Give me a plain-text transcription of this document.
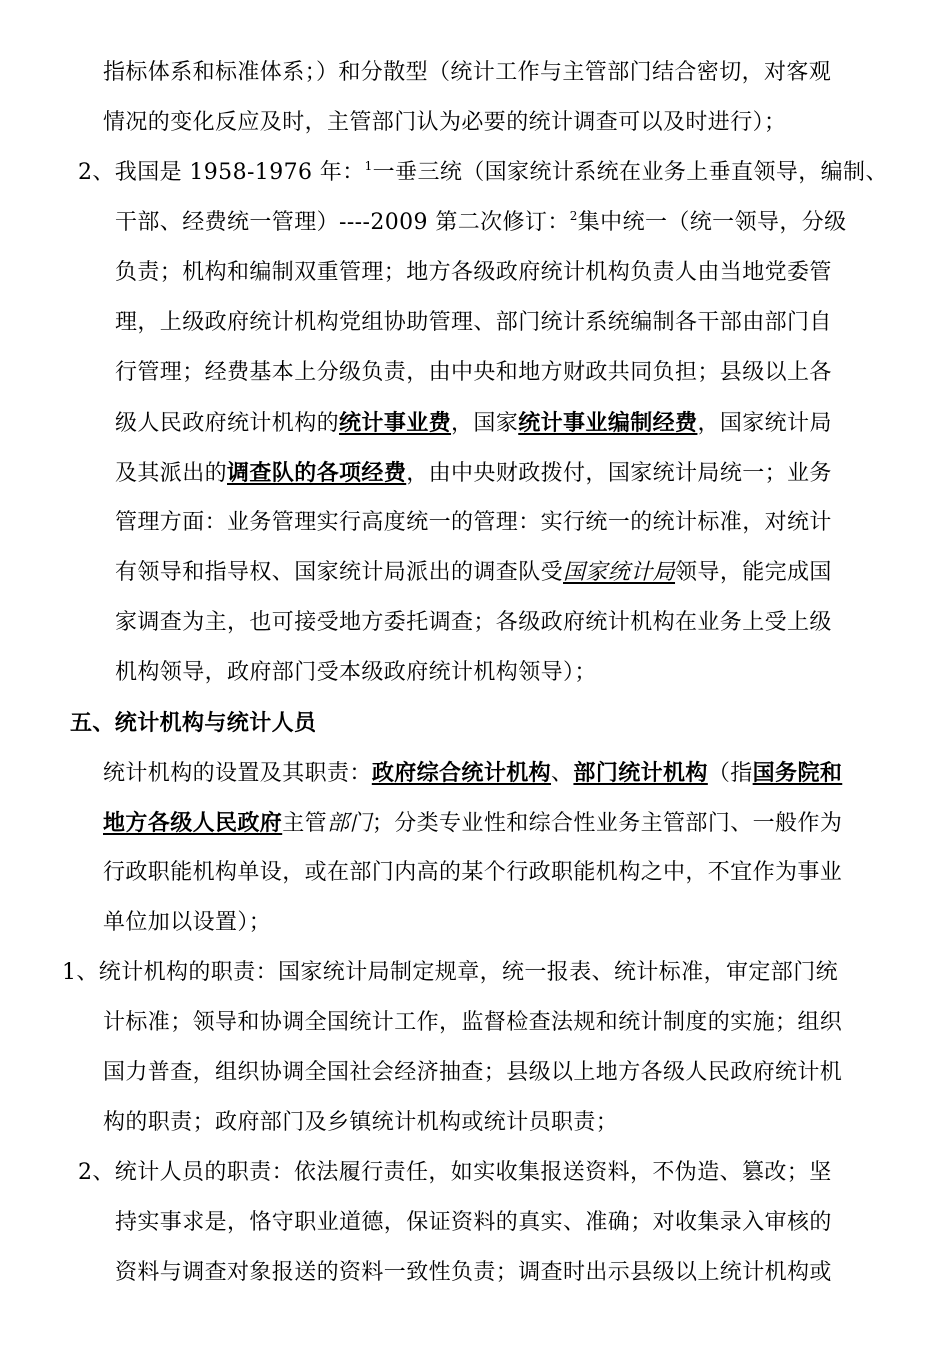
指标体系和标准体系；）和分散型（统计工作与主管部门结合密切，对客观
情况的变化反应及时，主管部门认为必要的统计调查可以及时进行）；
2、我国是 1958-1976 年：$^1$一垂三统（国家统计系统在业务上垂直领导，编制、
干部、经费统一管理）----2009 第二次修订：$^2$集中统一（统一领导，分级
负责；机构和编制双重管理；地方各级政府统计机构负责人由当地党委管
理，上级政府统计机构党组协助管理、部门统计系统编制各干部由部门自
行管理；经费基本上分级负责，由中央和地方财政共同负担；县级以上各
级人民政府统计机构的统计事业费，国家统计事业编制经费，国家统计局
及其派出的调查队的各项经费，由中央财政拨付，国家统计局统一；业务
管理方面：业务管理实行高度统一的管理：实行统一的统计标准，对统计
有领导和指导权、国家统计局派出的调查队受国家统计局领导，能完成国
家调查为主，也可接受地方委托调查；各级政府统计机构在业务上受上级
机构领导，政府部门受本级政府统计机构领导）；
五、统计机构与统计人员
统计机构的设置及其职责：政府综合统计机构、部门统计机构（指国务院和
地方各级人民政府主管部门；分类专业性和综合性业务主管部门、一般作为
行政职能机构单设，或在部门内高的某个行政职能机构之中，不宜作为事业
单位加以设置）；
1、统计机构的职责：国家统计局制定规章，统一报表、统计标准，审定部门统
计标准；领导和协调全国统计工作，监督检查法规和统计制度的实施；组织
国力普查，组织协调全国社会经济抽查；县级以上地方各级人民政府统计机
构的职责；政府部门及乡镇统计机构或统计员职责；
2、统计人员的职责：依法履行责任，如实收集报送资料，不伪造、篡改；坚
持实事求是，恪守职业道德，保证资料的真实、准确；对收集录入审核的
资料与调查对象报送的资料一致性负责；调查时出示县级以上统计机构或
